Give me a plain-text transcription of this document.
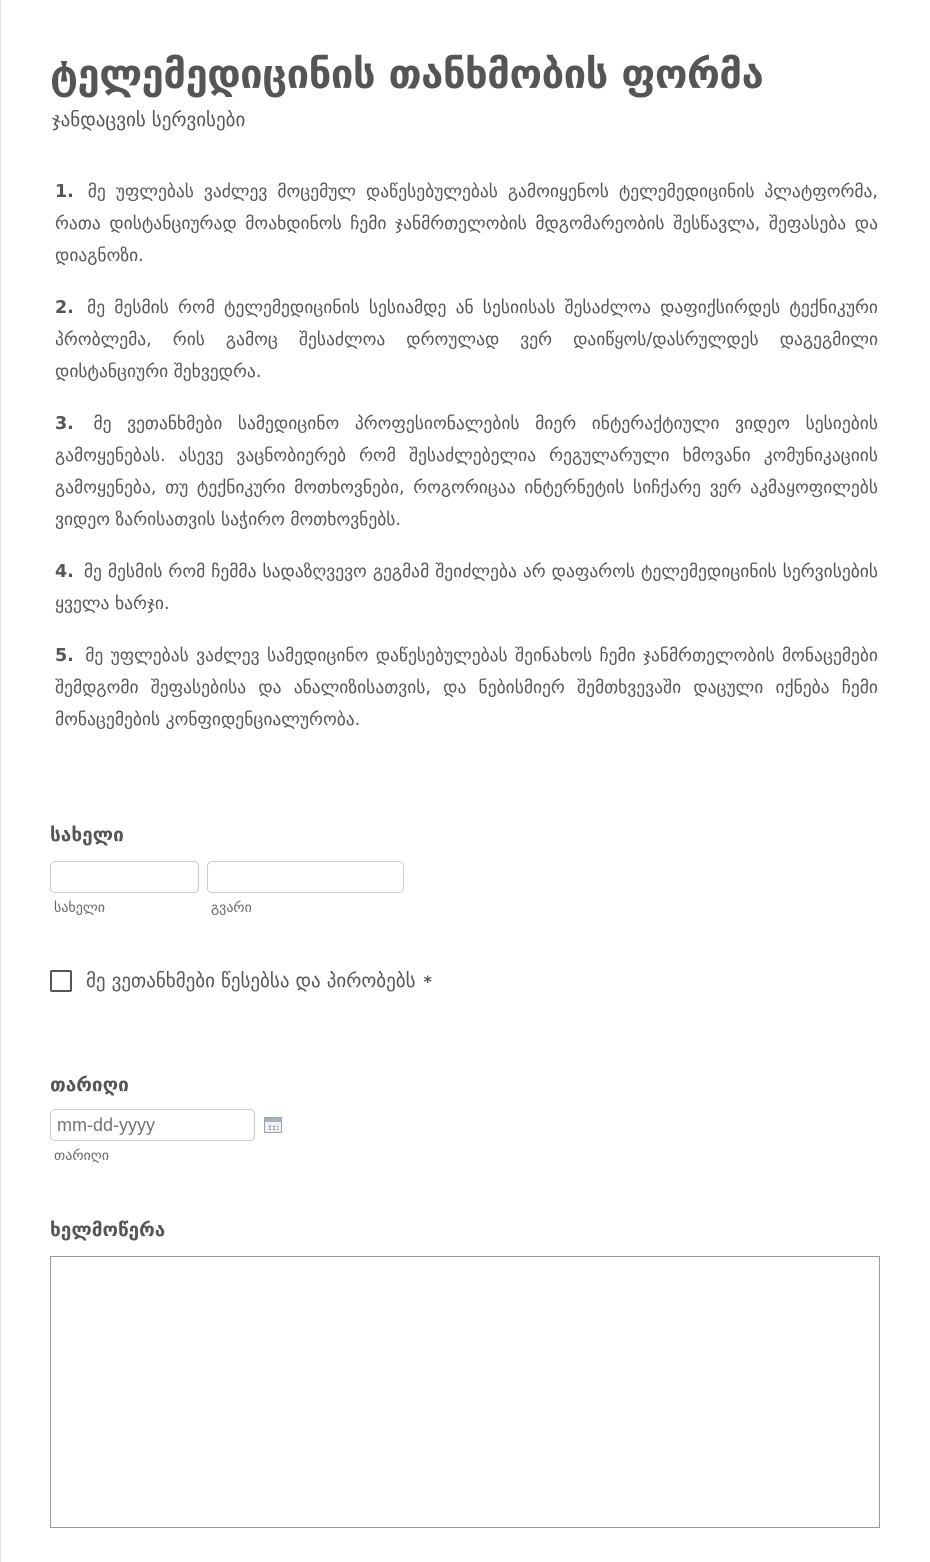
ტელემედიცინის თანხმობის ფორმა
ჯანდაცვის სერვისები

1. მე უფლებას ვაძლევ მოცემულ დაწესებულებას გამოიყენოს ტელემედიცინის პლატფორმა, რათა დისტანციურად მოახდინოს ჩემი ჯანმრთელობის მდგომარეობის შესწავლა, შეფასება და დიაგნოზი.

2. მე მესმის რომ ტელემედიცინის სესიამდე ან სესიისას შესაძლოა დაფიქსირდეს ტექნიკური პრობლემა, რის გამოც შესაძლოა დროულად ვერ დაიწყოს/დასრულდეს დაგეგმილი დისტანციური შეხვედრა.

3. მე ვეთანხმები სამედიცინო პროფესიონალების მიერ ინტერაქტიული ვიდეო სესიების გამოყენებას. ასევე ვაცნობიერებ რომ შესაძლებელია რეგულარული ხმოვანი კომუნიკაციის გამოყენება, თუ ტექნიკური მოთხოვნები, როგორიცაა ინტერნეტის სიჩქარე ვერ აკმაყოფილებს ვიდეო ზარისათვის საჭირო მოთხოვნებს.

4. მე მესმის რომ ჩემმა სადაზღვევო გეგმამ შეიძლება არ დაფაროს ტელემედიცინის სერვისების ყველა ხარჯი.

5. მე უფლებას ვაძლევ სამედიცინო დაწესებულებას შეინახოს ჩემი ჯანმრთელობის მონაცემები შემდგომი შეფასებისა და ანალიზისათვის, და ნებისმიერ შემთხვევაში დაცული იქნება ჩემი მონაცემების კონფიდენციალურობა.

სახელი
სახელი	გვარი
მე ვეთანხმები წესებსა და პირობებს *
თარიღი
mm-dd-yyyy
თარიღი
ხელმოწერა
